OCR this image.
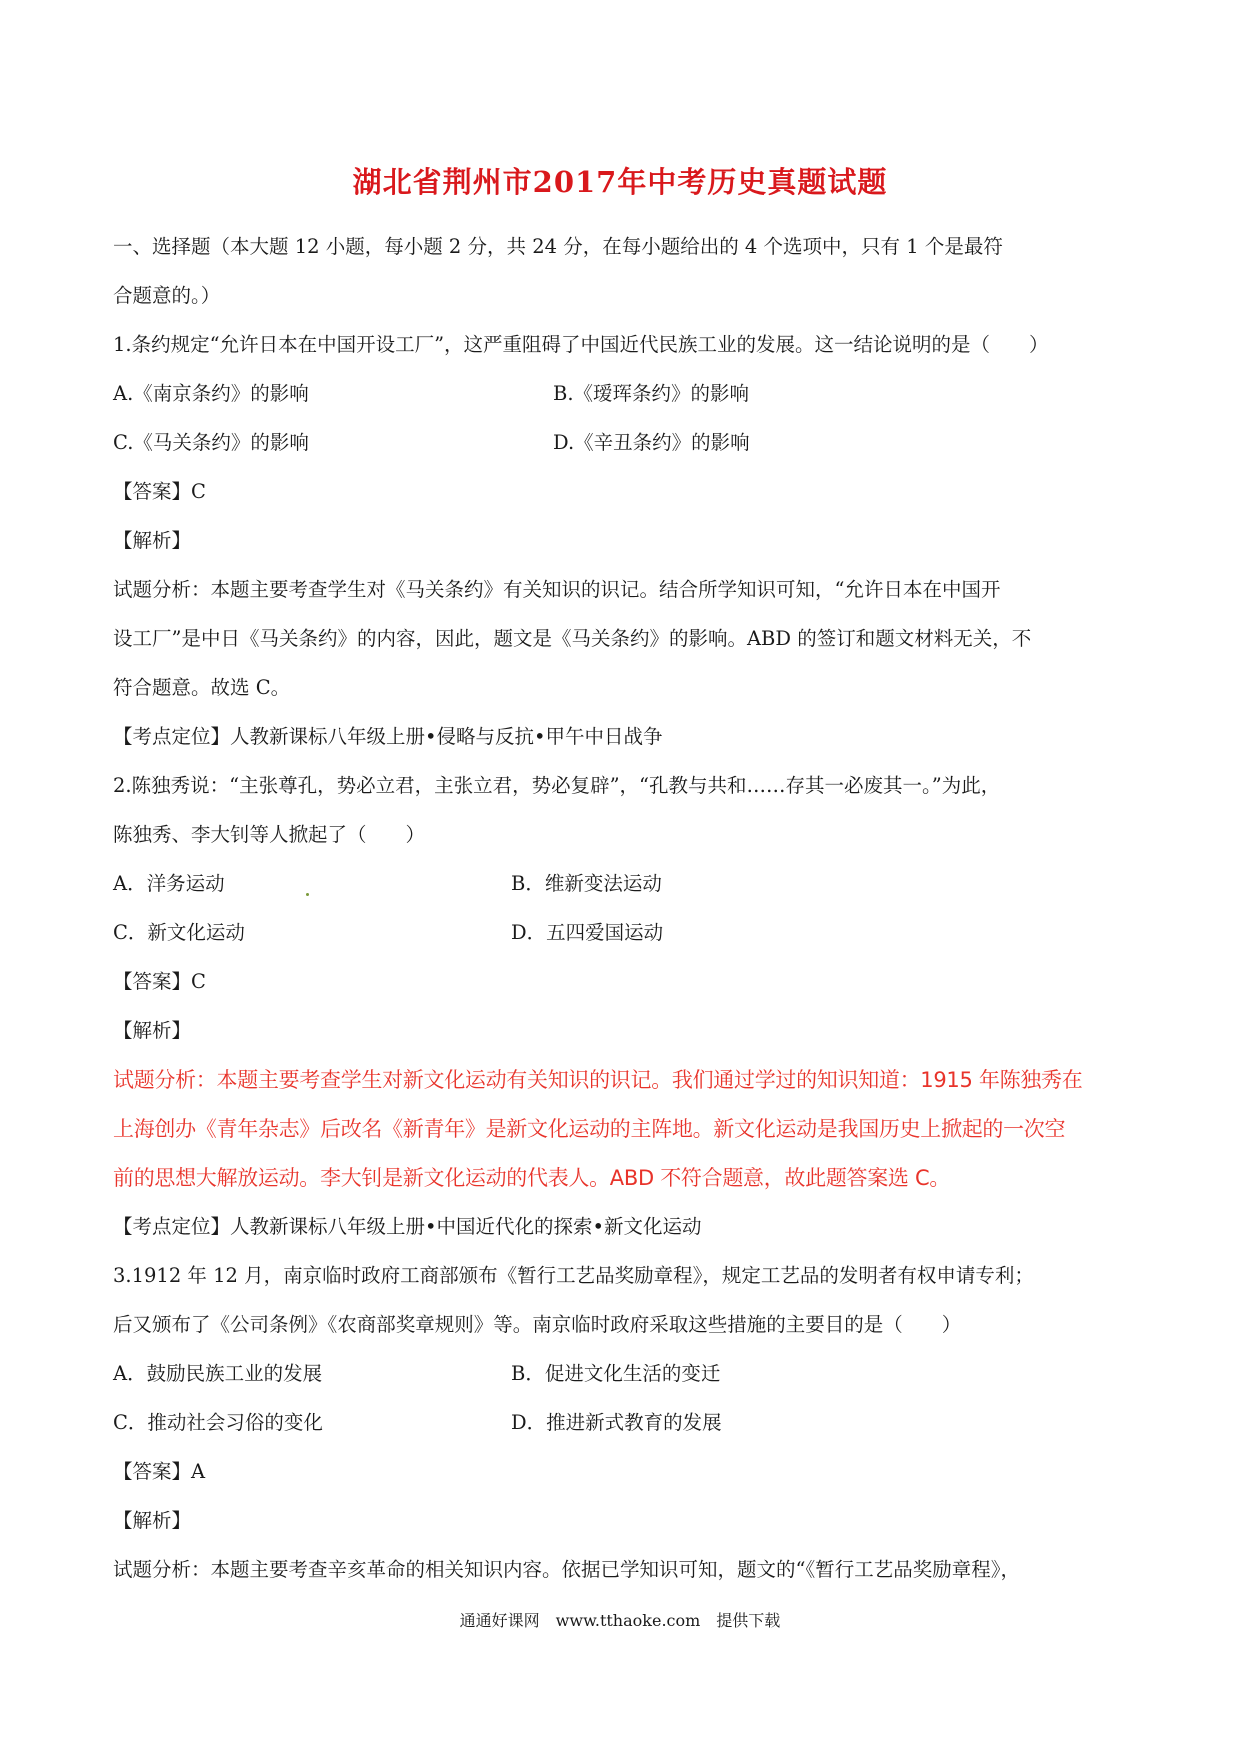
湖北省荆州市2017年中考历史真题试题
一、选择题（本大题 12 小题，每小题 2 分，共 24 分，在每小题给出的 4 个选项中，只有 1 个是最符
合题意的。）
1.条约规定“允许日本在中国开设工厂”，这严重阻碍了中国近代民族工业的发展。这一结论说明的是（　　）
A.《南京条约》的影响	B.《瑷珲条约》的影响
C.《马关条约》的影响	D.《辛丑条约》的影响
【答案】C
【解析】
试题分析：本题主要考查学生对《马关条约》有关知识的识记。结合所学知识可知，“允许日本在中国开
设工厂”是中日《马关条约》的内容，因此，题文是《马关条约》的影响。ABD 的签订和题文材料无关，不
符合题意。故选 C。
【考点定位】人教新课标八年级上册•侵略与反抗•甲午中日战争
2.陈独秀说：“主张尊孔，势必立君，主张立君，势必复辟”，“孔教与共和……存其一必废其一。”为此，
陈独秀、李大钊等人掀起了（　　）
A．洋务运动	B．维新变法运动
C．新文化运动	D．五四爱国运动
【答案】C
【解析】
试题分析：本题主要考查学生对新文化运动有关知识的识记。我们通过学过的知识知道：1915 年陈独秀在
上海创办《青年杂志》后改名《新青年》是新文化运动的主阵地。新文化运动是我国历史上掀起的一次空
前的思想大解放运动。李大钊是新文化运动的代表人。ABD 不符合题意，故此题答案选 C。
【考点定位】人教新课标八年级上册•中国近代化的探索•新文化运动
3.1912 年 12 月，南京临时政府工商部颁布《暂行工艺品奖励章程》，规定工艺品的发明者有权申请专利；
后又颁布了《公司条例》《农商部奖章规则》等。南京临时政府采取这些措施的主要目的是（　　）
A．鼓励民族工业的发展	B．促进文化生活的变迁
C．推动社会习俗的变化	D．推进新式教育的发展
【答案】A
【解析】
试题分析：本题主要考查辛亥革命的相关知识内容。依据已学知识可知，题文的“《暂行工艺品奖励章程》，
通通好课网　www.tthaoke.com　提供下载
